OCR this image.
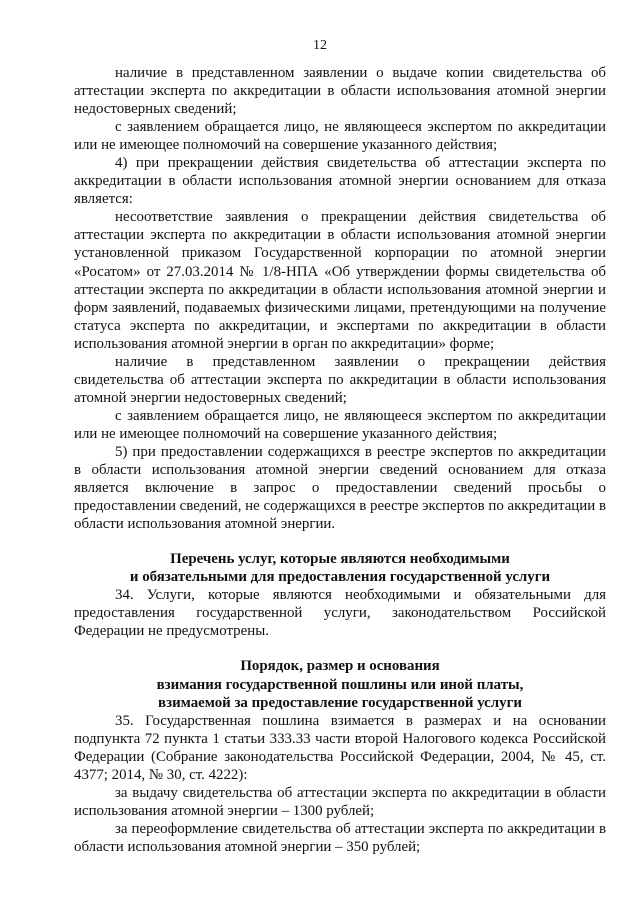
12

наличие в представленном заявлении о выдаче копии свидетельства об аттестации эксперта по аккредитации в области использования атомной энергии недостоверных сведений;

с заявлением обращается лицо, не являющееся экспертом по аккредитации или не имеющее полномочий на совершение указанного действия;

4) при прекращении действия свидетельства об аттестации эксперта по аккредитации в области использования атомной энергии основанием для отказа является:

несоответствие заявления о прекращении действия свидетельства об аттестации эксперта по аккредитации в области использования атомной энергии установленной приказом Государственной корпорации по атомной энергии «Росатом» от 27.03.2014 № 1/8-НПА «Об утверждении формы свидетельства об аттестации эксперта по аккредитации в области использования атомной энергии и форм заявлений, подаваемых физическими лицами, претендующими на получение статуса эксперта по аккредитации, и экспертами по аккредитации в области использования атомной энергии в орган по аккредитации» форме;

наличие в представленном заявлении о прекращении действия свидетельства об аттестации эксперта по аккредитации в области использования атомной энергии недостоверных сведений;

с заявлением обращается лицо, не являющееся экспертом по аккредитации или не имеющее полномочий на совершение указанного действия;

5) при предоставлении содержащихся в реестре экспертов по аккредитации в области использования атомной энергии сведений основанием для отказа является включение в запрос о предоставлении сведений просьбы о предоставлении сведений, не содержащихся в реестре экспертов по аккредитации в области использования атомной энергии.

Перечень услуг, которые являются необходимыми

и обязательными для предоставления государственной услуги

34. Услуги, которые являются необходимыми и обязательными для предоставления государственной услуги, законодательством Российской Федерации не предусмотрены.

Порядок, размер и основания

взимания государственной пошлины или иной платы,

взимаемой за предоставление государственной услуги

35. Государственная пошлина взимается в размерах и на основании подпункта 72 пункта 1 статьи 333.33 части второй Налогового кодекса Российской Федерации (Собрание законодательства Российской Федерации, 2004, № 45, ст. 4377; 2014, № 30, ст. 4222):

за выдачу свидетельства об аттестации эксперта по аккредитации в области использования атомной энергии – 1300 рублей;

за переоформление свидетельства об аттестации эксперта по аккредитации в области использования атомной энергии – 350 рублей;
